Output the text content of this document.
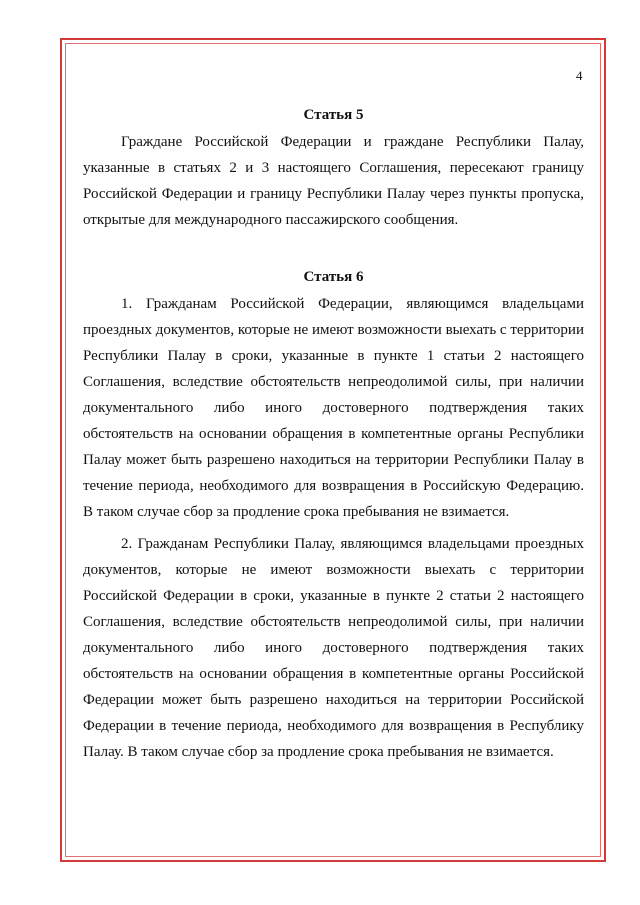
4

Статья 5

Граждане Российской Федерации и граждане Республики Палау, указанные в статьях 2 и 3 настоящего Соглашения, пересекают границу Российской Федерации и границу Республики Палау через пункты пропуска, открытые для международного пассажирского сообщения.

Статья 6

1. Гражданам Российской Федерации, являющимся владельцами проездных документов, которые не имеют возможности выехать с территории Республики Палау в сроки, указанные в пункте 1 статьи 2 настоящего Соглашения, вследствие обстоятельств непреодолимой силы, при наличии документального либо иного достоверного подтверждения таких обстоятельств на основании обращения в компетентные органы Республики Палау может быть разрешено находиться на территории Республики Палау в течение периода, необходимого для возвращения в Российскую Федерацию. В таком случае сбор за продление срока пребывания не взимается.

2. Гражданам Республики Палау, являющимся владельцами проездных документов, которые не имеют возможности выехать с территории Российской Федерации в сроки, указанные в пункте 2 статьи 2 настоящего Соглашения, вследствие обстоятельств непреодолимой силы, при наличии документального либо иного достоверного подтверждения таких обстоятельств на основании обращения в компетентные органы Российской Федерации может быть разрешено находиться на территории Российской Федерации в течение периода, необходимого для возвращения в Республику Палау. В таком случае сбор за продление срока пребывания не взимается.
